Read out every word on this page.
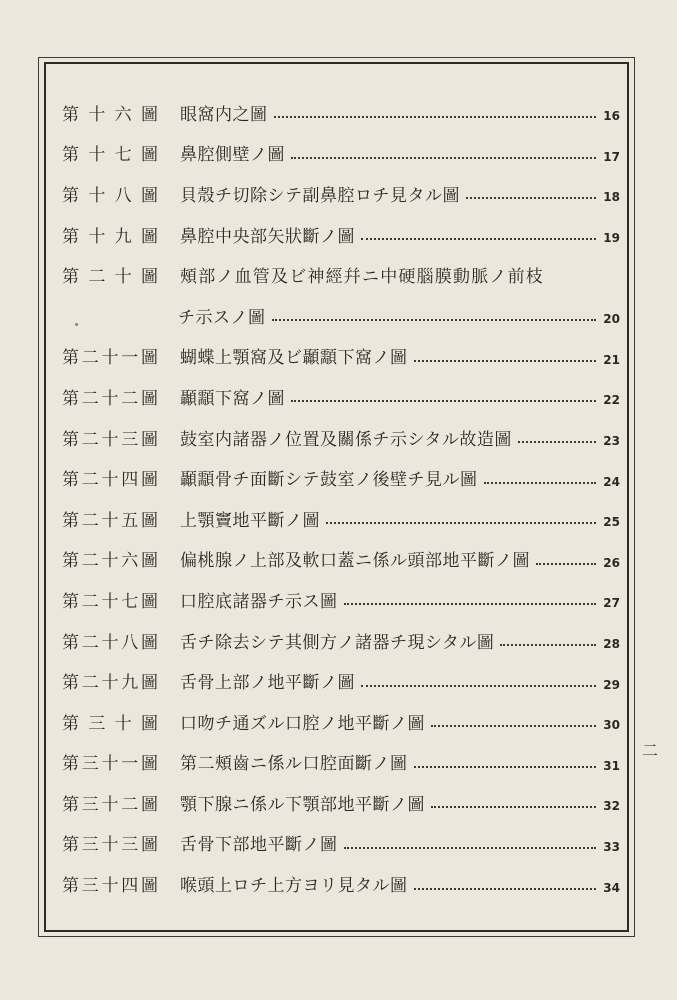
第十六圖 眼窩内之圖	16
第十七圖 鼻腔側壁ノ圖	17
第十八圖 貝殼チ切除シテ副鼻腔ロチ見タル圖	18
第十九圖 鼻腔中央部矢狀斷ノ圖	19
第二十圖 頰部ノ血管及ビ神經幷ニ中硬腦膜動脈ノ前枝
チ示スノ圖	20
第二十一圖 蝴蝶上顎窩及ビ顳顬下窩ノ圖	21
第二十二圖 顳顬下窩ノ圖	22
第二十三圖 鼓室内諸器ノ位置及關係チ示シタル故造圖	23
第二十四圖 顳顬骨チ面斷シテ鼓室ノ後壁チ見ル圖	24
第二十五圖 上顎竇地平斷ノ圖	25
第二十六圖 偏桃腺ノ上部及軟口蓋ニ係ル頭部地平斷ノ圖	26
第二十七圖 口腔底諸器チ示ス圖	27
第二十八圖 舌チ除去シテ其側方ノ諸器チ現シタル圖	28
第二十九圖 舌骨上部ノ地平斷ノ圖	29
第三十圖 口吻チ通ズル口腔ノ地平斷ノ圖	30
第三十一圖 第二頰齒ニ係ル口腔面斷ノ圖	31
第三十二圖 顎下腺ニ係ル下顎部地平斷ノ圖	32
第三十三圖 舌骨下部地平斷ノ圖	33
第三十四圖 喉頭上ロチ上方ヨリ見タル圖	34
二
